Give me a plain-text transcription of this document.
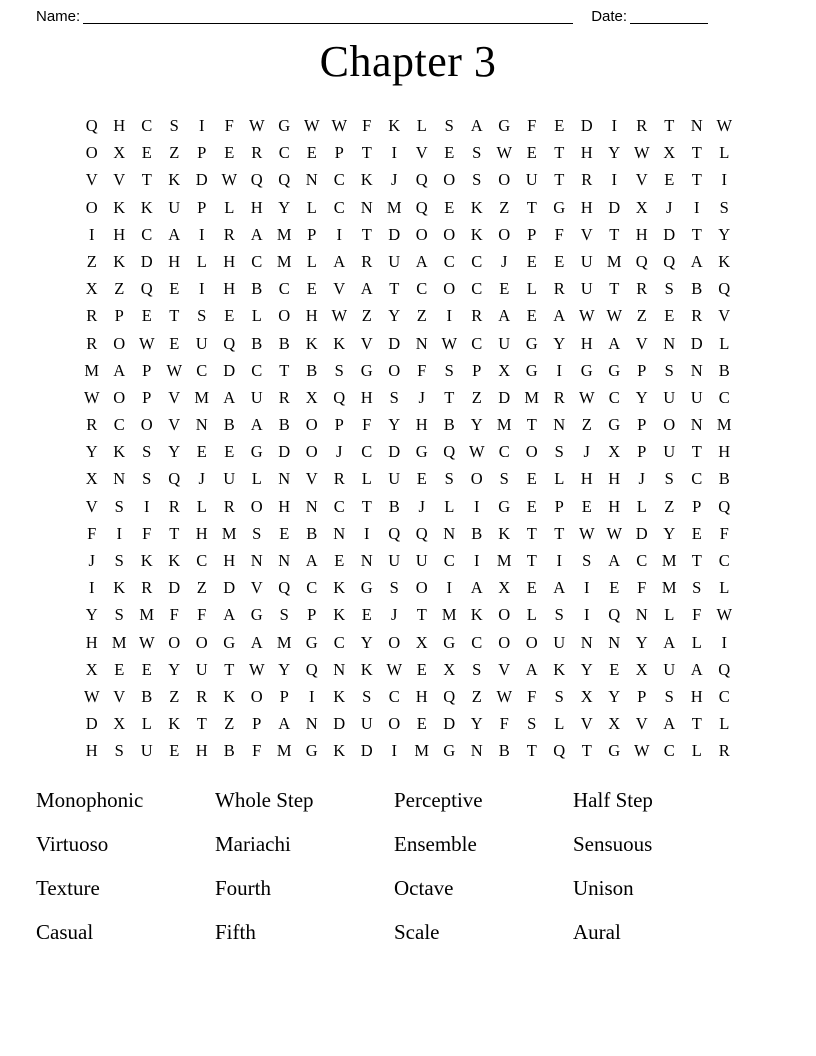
Name:	Date:
Chapter 3
Q H C	S	I	F W G W W F	K	L	S	A G	F	E D	I	R	T N W
O X	E	Z	P	E	R C	E	P	T	I	V	E	S W E	T H Y W X	T	L
V V	T K D W Q Q N C K	J	Q O	S	O U	T	R	I	V	E	T	I
O K K U	P	L H Y	L	C N M Q	E K	Z	T G H D X	J	I	S
I	H C A	I	R A M P	I	T D O O K O	P	F	V	T H D	T Y
Z K D H	L H C M L A R U A C C	J	E	E U M Q Q A K
X	Z Q	E	I	H B C	E V A	T	C O C	E	L	R U	T	R	S	B Q
R	P	E	T	S	E	L O H W Z Y	Z	I	R A	E A W W Z	E	R V
R O W E U Q B B K K V D N W C U G Y H A V N D	L
M A	P W C D C	T	B	S	G O	F	S	P	X G	I	G G	P	S	N B
W O	P	V M A U R X Q H	S	J	T	Z D M R W C Y U U C
R C O V N B A B O	P	F	Y H B Y M T N	Z G	P	O N M
Y K	S	Y	E	E G D O	J	C D G Q W C O	S	J	X	P	U	T H
X N	S	Q	J	U	L N V R	L U	E	S	O	S	E	L H H	J	S	C B
V	S	I	R	L	R O H N C	T	B	J	L	I	G	E	P	E H	L	Z	P	Q
F	I	F	T H M S	E	B N	I	Q Q N B K	T	T W W D Y	E	F
J	S	K K C H N N A	E N U U C	I	M T	I	S	A C M T	C
I	K R D	Z D V Q C K G	S	O	I	A X	E A	I	E	F M S	L
Y	S M F	F	A G	S	P	K	E	J	T M K O	L	S	I	Q N	L	F W
H M W O O G A M G C Y O X G C O O U N N Y A	L	I
X	E	E Y U	T W Y Q N K W E X	S	V A K Y	E X U A Q
W V B	Z	R K O	P	I	K	S	C H Q	Z W F	S	X Y	P	S	H C
D X	L K	T	Z	P	A N D U O	E D Y	F	S	L V X V A	T	L
H	S	U	E H B	F M G K D	I	M G N B	T Q	T G W C	L	R
Monophonic	Whole Step	Perceptive	Half Step
Virtuoso	Mariachi	Ensemble	Sensuous
Texture	Fourth	Octave	Unison
Casual	Fifth	Scale	Aural
